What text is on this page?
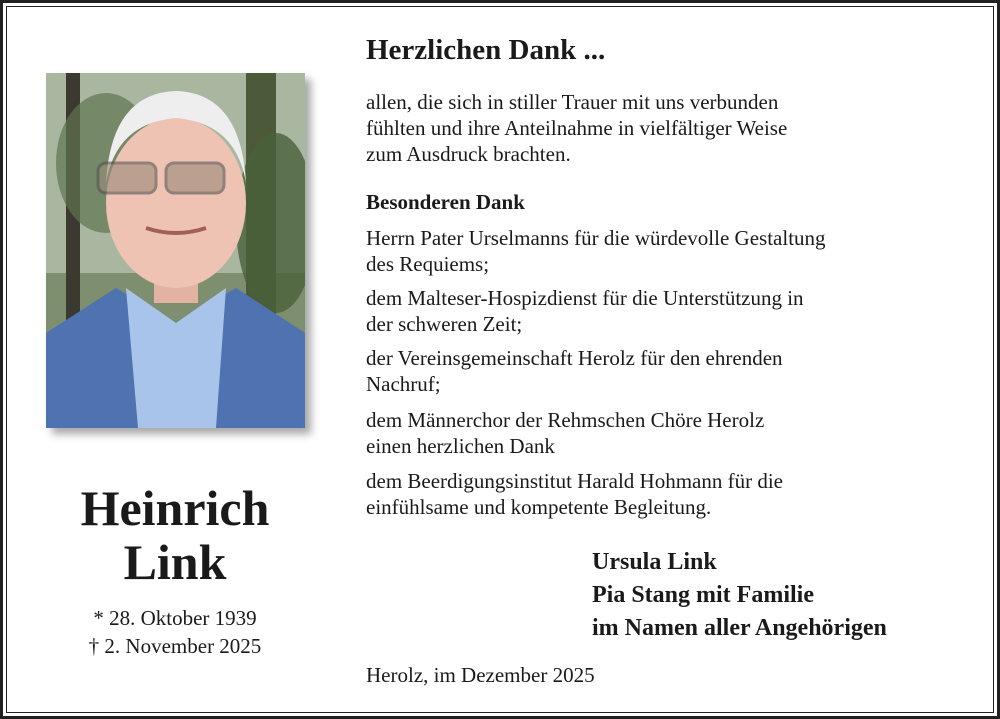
Heinrich
Link
* 28. Oktober 1939
† 2. November 2025
Herzlichen Dank ...
allen, die sich in stiller Trauer mit uns verbunden
fühlten und ihre Anteilnahme in vielfältiger Weise
zum Ausdruck brachten.
Besonderen Dank
Herrn Pater Urselmanns für die würdevolle Gestaltung
des Requiems;
dem Malteser-Hospizdienst für die Unterstützung in
der schweren Zeit;
der Vereinsgemeinschaft Herolz für den ehrenden
Nachruf;
dem Männerchor der Rehmschen Chöre Herolz
einen herzlichen Dank
dem Beerdigungsinstitut Harald Hohmann für die
einfühlsame und kompetente Begleitung.
Ursula Link
Pia Stang mit Familie
im Namen aller Angehörigen
Herolz, im Dezember 2025
